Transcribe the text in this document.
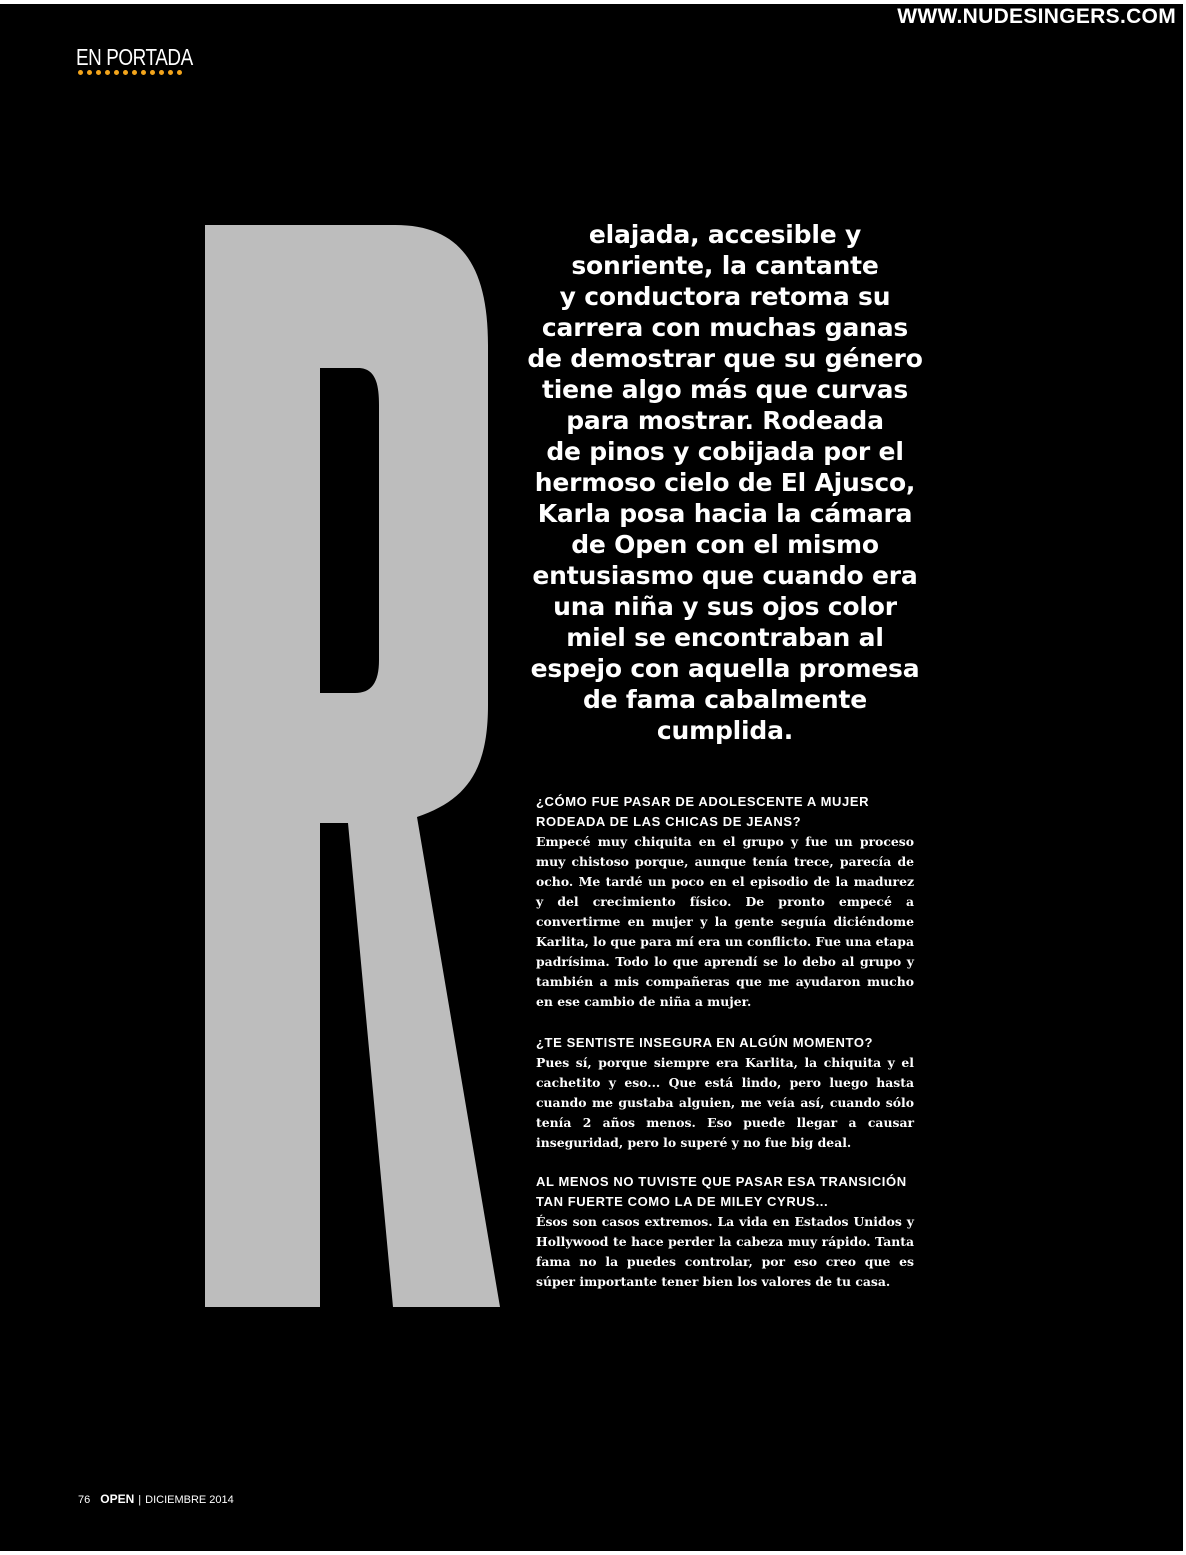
WWW.NUDESINGERS.COM
EN PORTADA
elajada, accesible y
sonriente, la cantante
y conductora retoma su
carrera con muchas ganas
de demostrar que su género
tiene algo más que curvas
para mostrar. Rodeada
de pinos y cobijada por el
hermoso cielo de El Ajusco,
Karla posa hacia la cámara
de Open con el mismo
entusiasmo que cuando era
una niña y sus ojos color
miel se encontraban al
espejo con aquella promesa
de fama cabalmente
cumplida.
¿CÓMO FUE PASAR DE ADOLESCENTE A MUJER RODEADA DE LAS CHICAS DE JEANS?
Empecé muy chiquita en el grupo y fue un proceso muy chistoso porque, aunque tenía trece, parecía de ocho. Me tardé un poco en el episodio de la madurez y del crecimiento físico. De pronto empecé a convertirme en mujer y la gente seguía diciéndome Karlita, lo que para mí era un conflicto. Fue una etapa padrísima. Todo lo que aprendí se lo debo al grupo y también a mis compañeras que me ayudaron mucho en ese cambio de niña a mujer.
¿TE SENTISTE INSEGURA EN ALGÚN MOMENTO?
Pues sí, porque siempre era Karlita, la chiquita y el cachetito y eso... Que está lindo, pero luego hasta cuando me gustaba alguien, me veía así, cuando sólo tenía 2 años menos. Eso puede llegar a causar inseguridad, pero lo superé y no fue big deal.
AL MENOS NO TUVISTE QUE PASAR ESA TRANSICIÓN TAN FUERTE COMO LA DE MILEY CYRUS...
Ésos son casos extremos. La vida en Estados Unidos y Hollywood te hace perder la cabeza muy rápido. Tanta fama no la puedes controlar, por eso creo que es súper importante tener bien los valores de tu casa.
76 OPEN | DICIEMBRE 2014
